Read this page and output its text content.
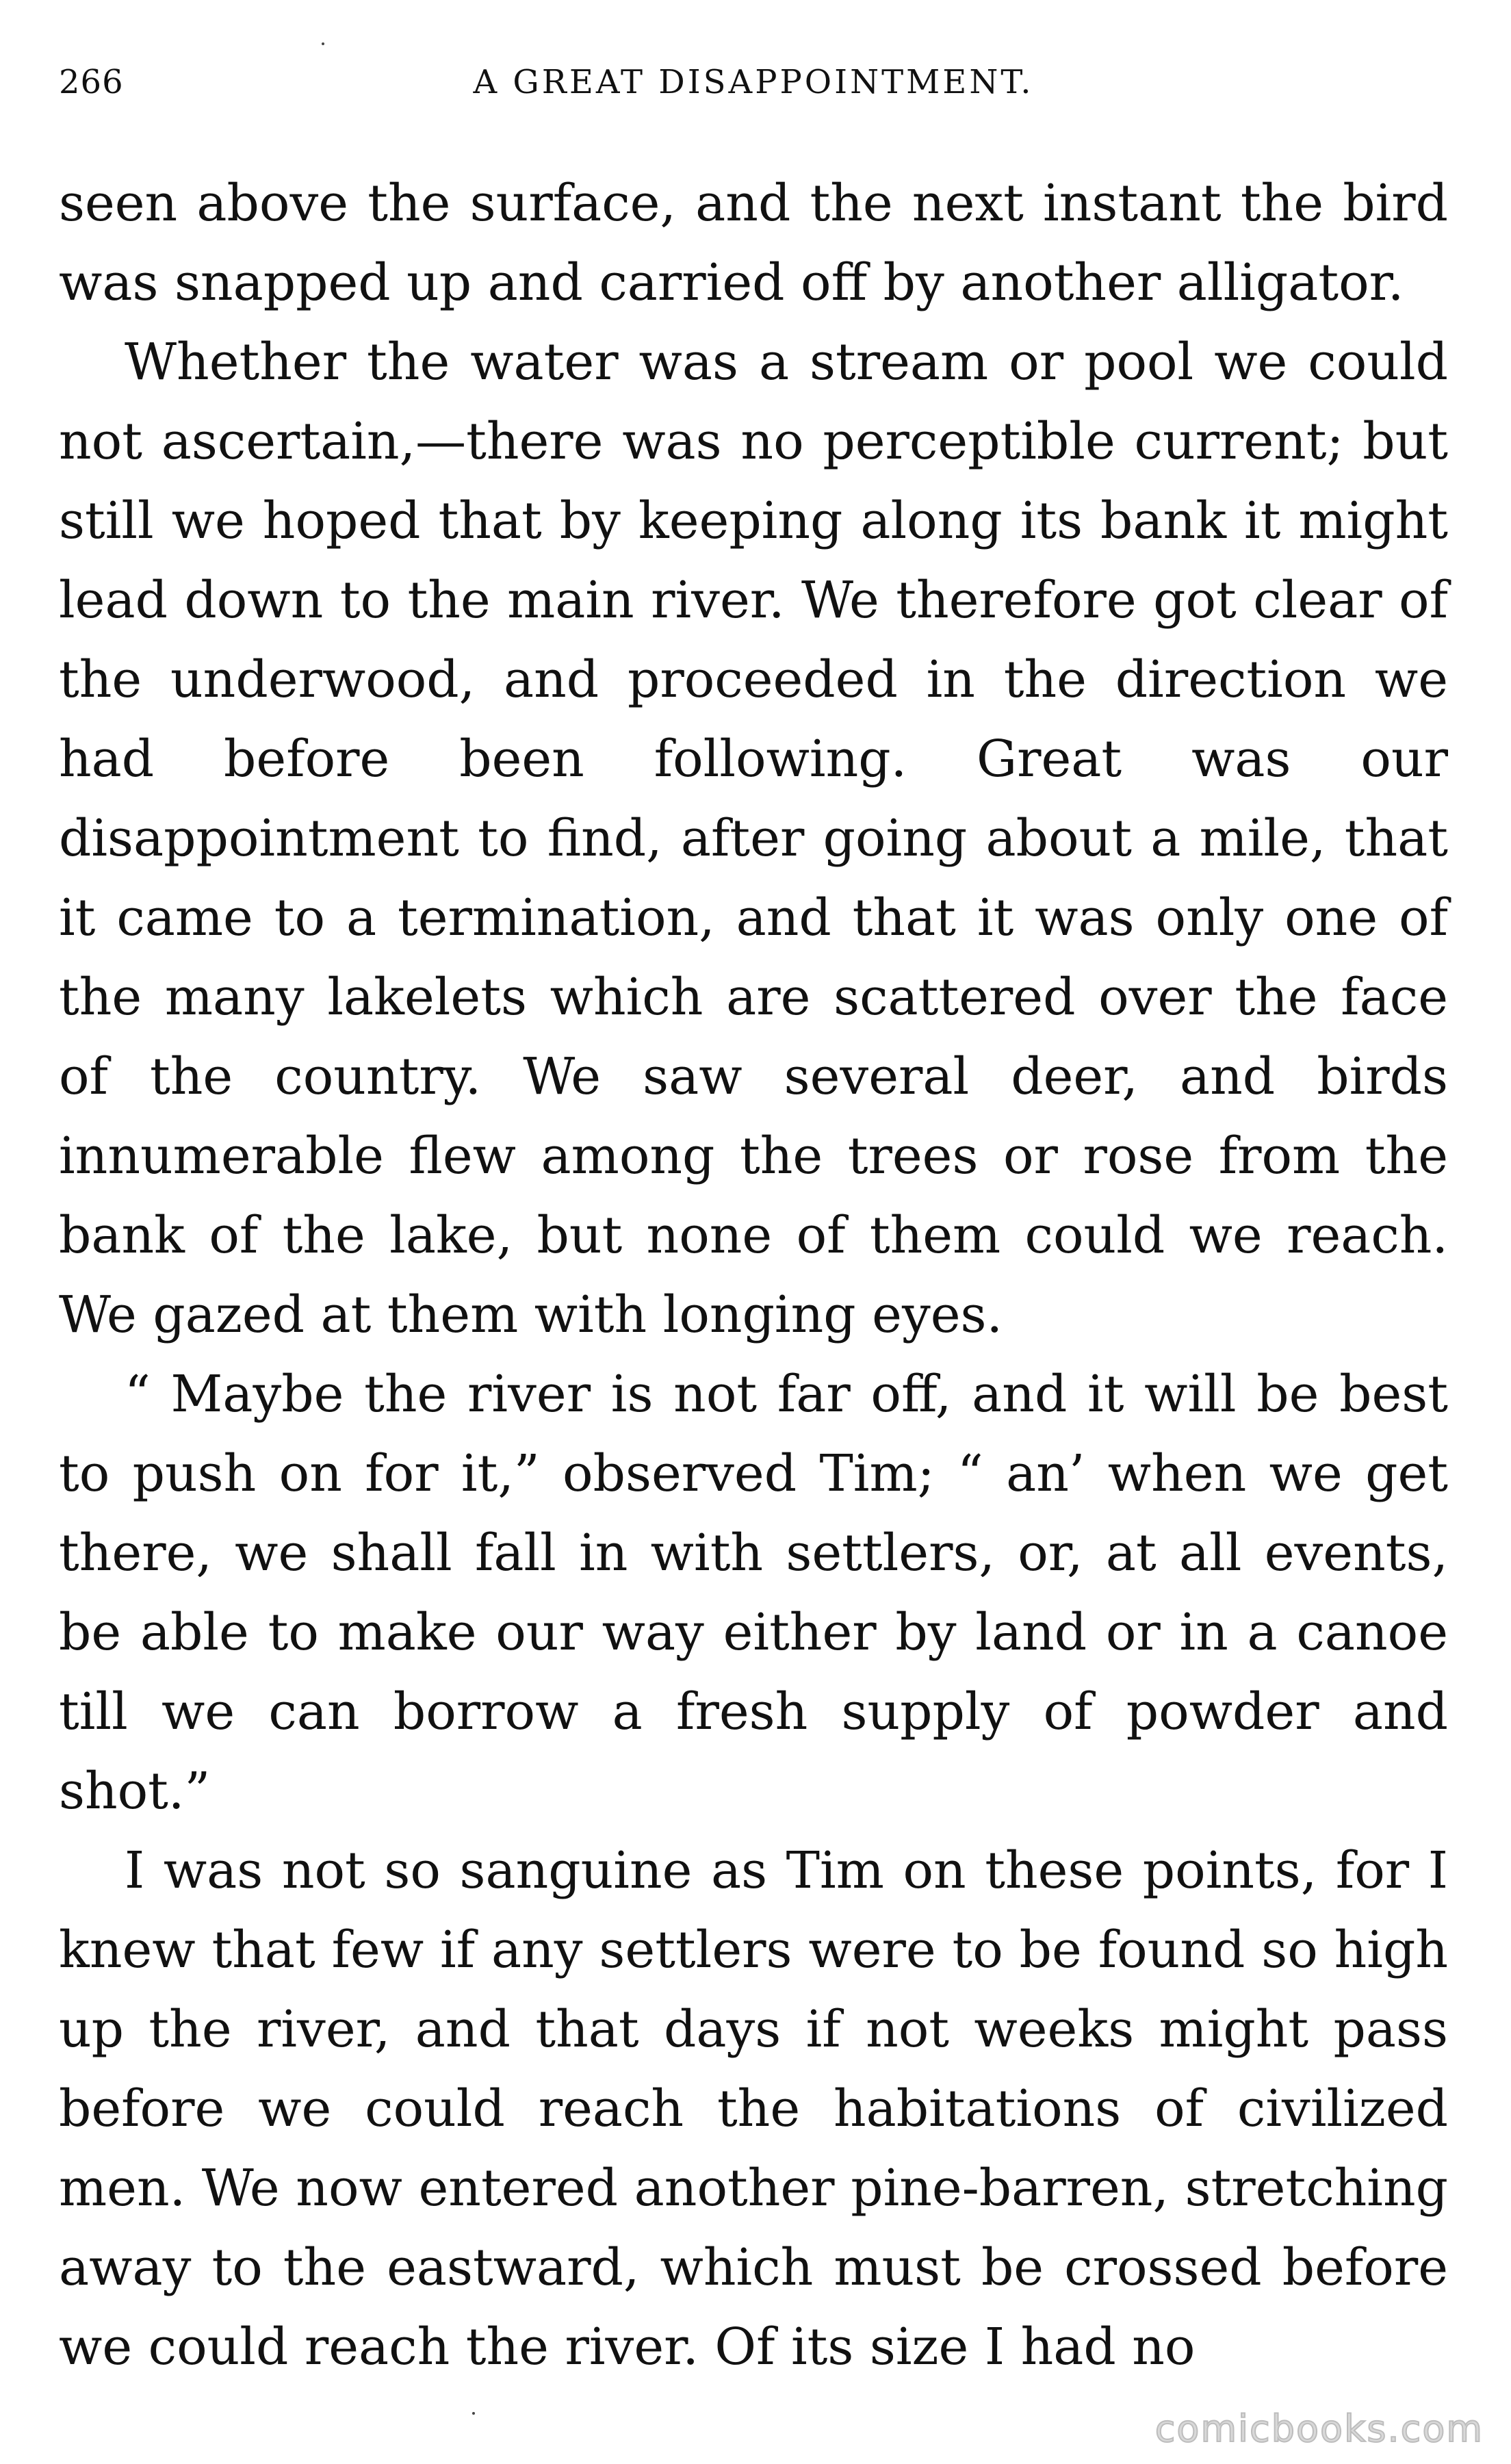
266	A GREAT DISAPPOINTMENT.

seen above the surface, and the next instant the bird was snapped up and carried off by another alligator.

Whether the water was a stream or pool we could not ascertain,—there was no perceptible current; but still we hoped that by keeping along its bank it might lead down to the main river. We therefore got clear of the underwood, and proceeded in the direction we had before been following. Great was our disappointment to find, after going about a mile, that it came to a termination, and that it was only one of the many lakelets which are scattered over the face of the country. We saw several deer, and birds innumerable flew among the trees or rose from the bank of the lake, but none of them could we reach. We gazed at them with longing eyes.

“ Maybe the river is not far off, and it will be best to push on for it,” observed Tim; “ an’ when we get there, we shall fall in with settlers, or, at all events, be able to make our way either by land or in a canoe till we can borrow a fresh supply of powder and shot.”

I was not so sanguine as Tim on these points, for I knew that few if any settlers were to be found so high up the river, and that days if not weeks might pass before we could reach the habitations of civilized men. We now entered another pine-barren, stretching away to the eastward, which must be crossed before we could reach the river. Of its size I had no

comicbooks.com
